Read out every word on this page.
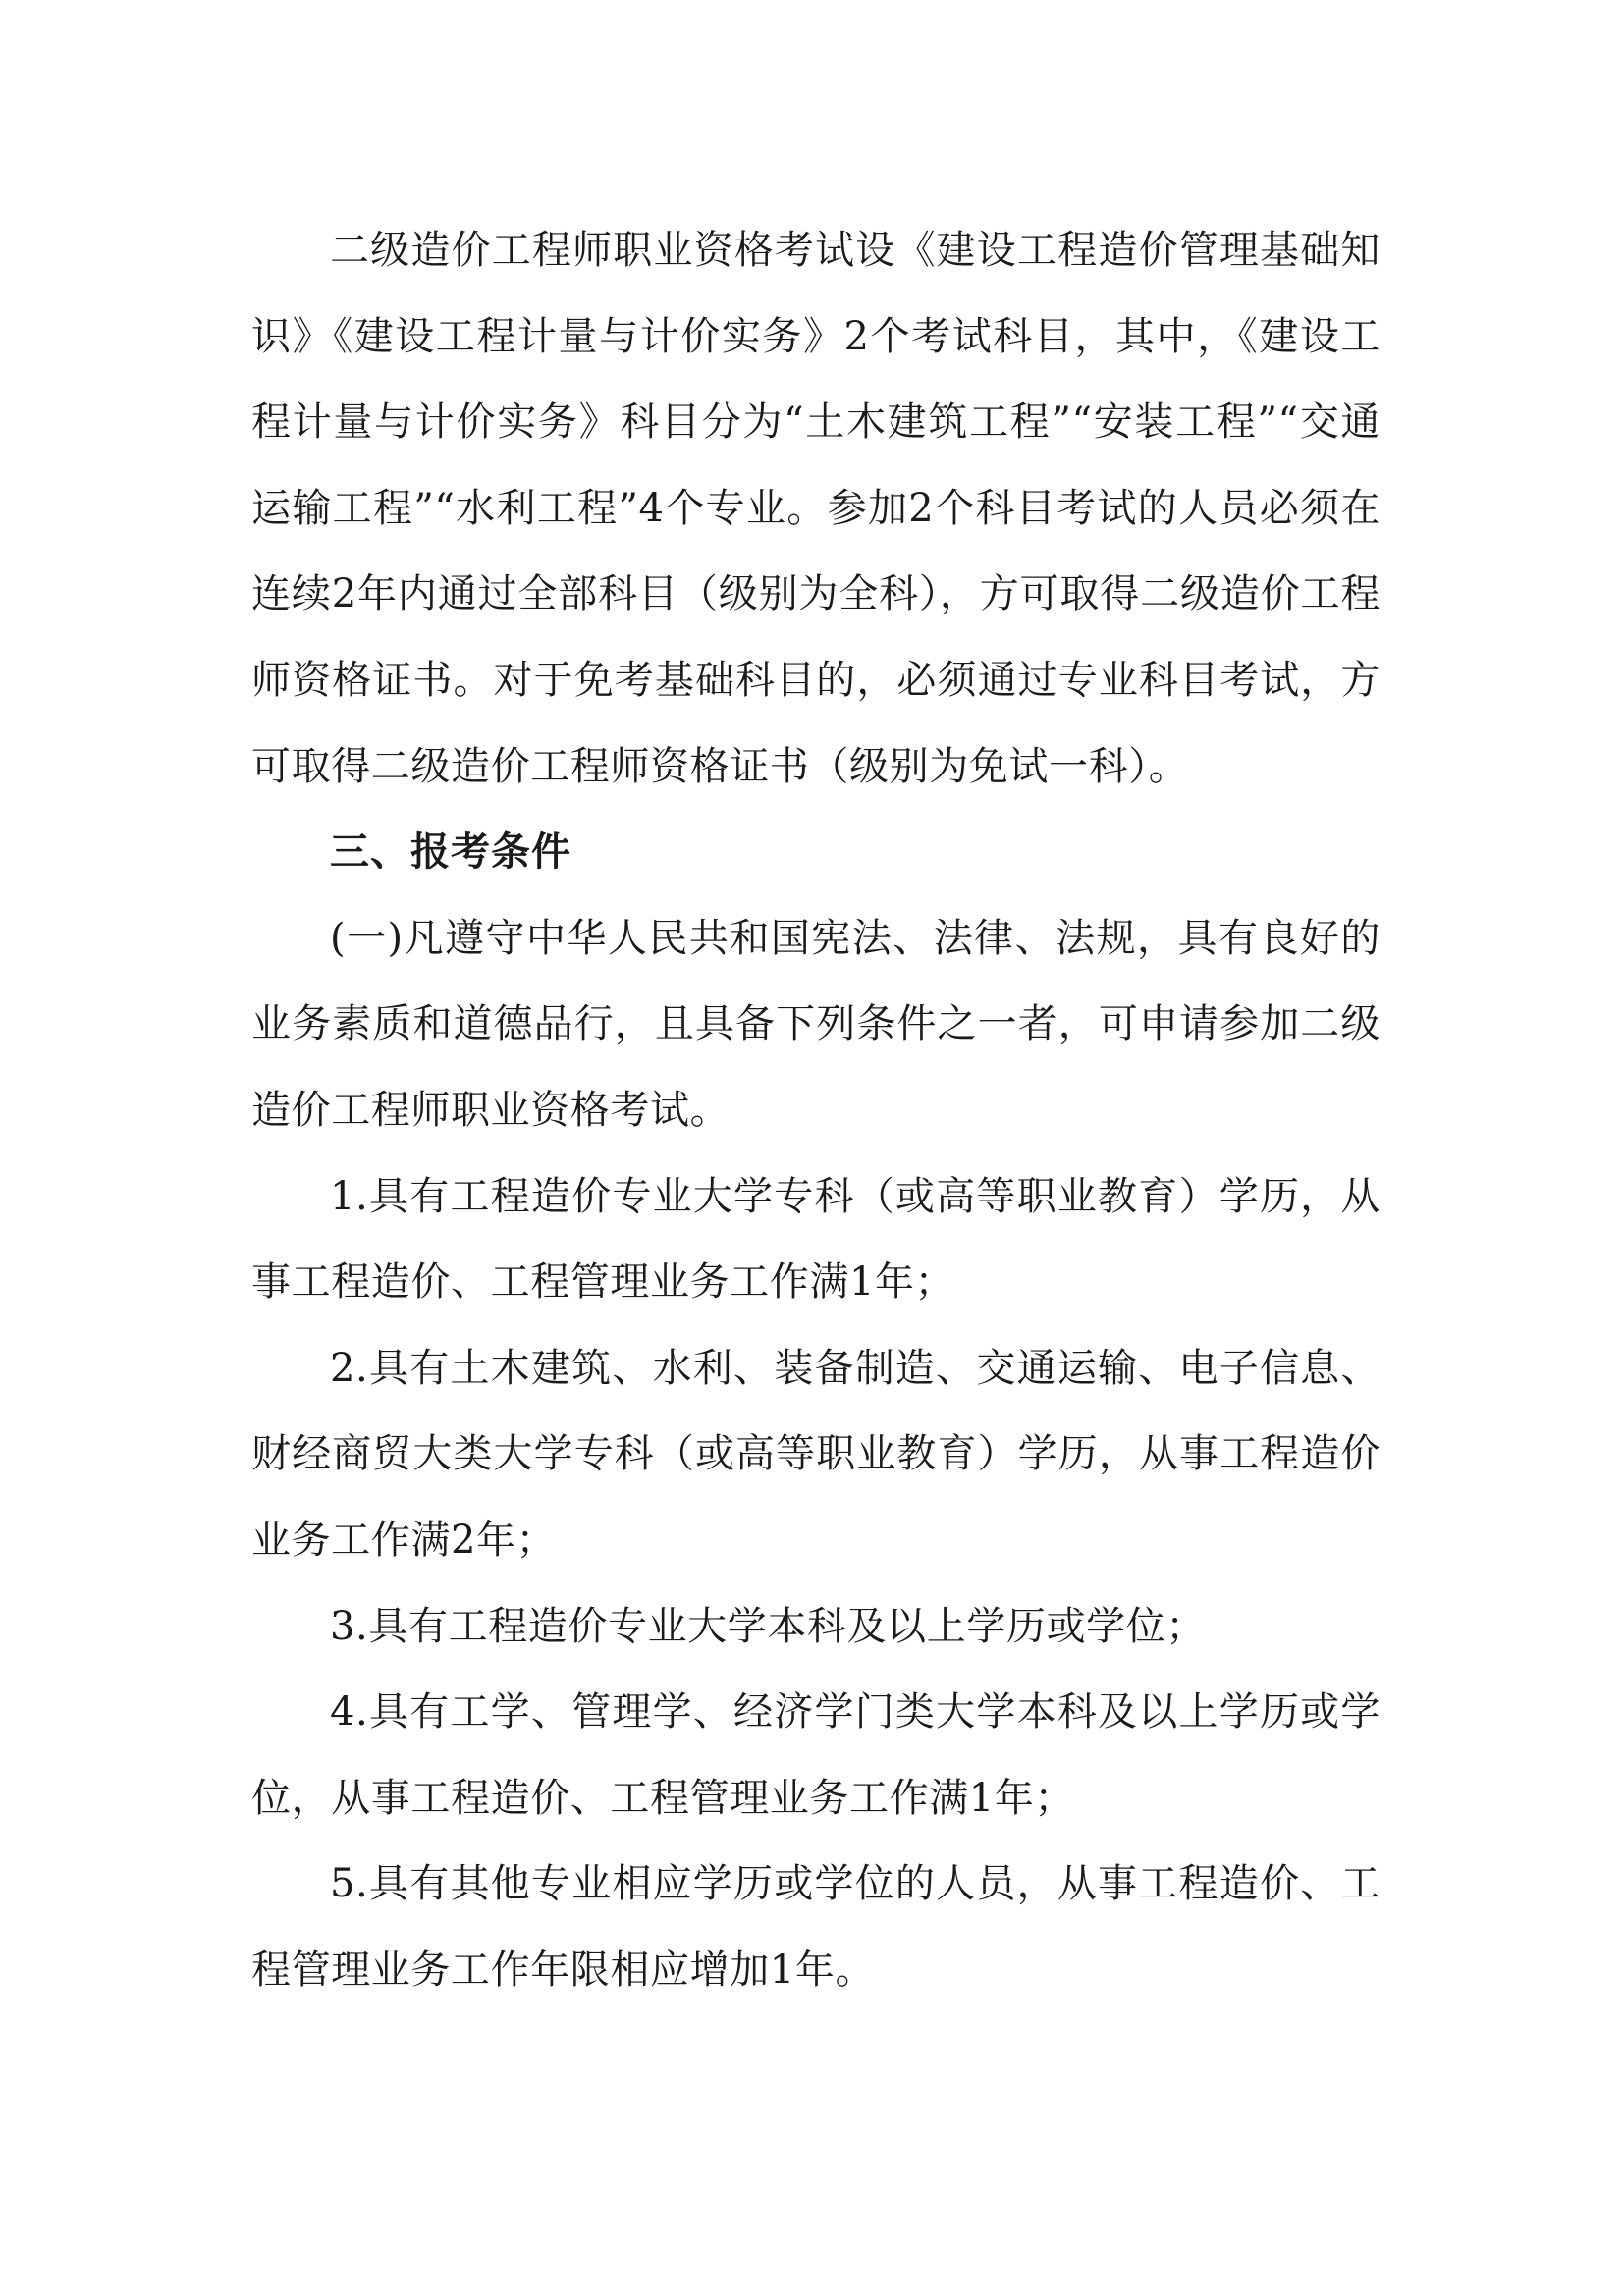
二级造价工程师职业资格考试设《建设工程造价管理基础知识》《建设工程计量与计价实务》2个考试科目，其中，《建设工程计量与计价实务》科目分为“土木建筑工程”“安装工程”“交通运输工程”“水利工程”4个专业。参加2个科目考试的人员必须在连续2年内通过全部科目（级别为全科），方可取得二级造价工程师资格证书。对于免考基础科目的，必须通过专业科目考试，方可取得二级造价工程师资格证书（级别为免试一科）。

三、报考条件

(一)凡遵守中华人民共和国宪法、法律、法规，具有良好的业务素质和道德品行，且具备下列条件之一者，可申请参加二级造价工程师职业资格考试。

1.具有工程造价专业大学专科（或高等职业教育）学历，从事工程造价、工程管理业务工作满1年；

2.具有土木建筑、水利、装备制造、交通运输、电子信息、财经商贸大类大学专科（或高等职业教育）学历，从事工程造价业务工作满2年；

3.具有工程造价专业大学本科及以上学历或学位；

4.具有工学、管理学、经济学门类大学本科及以上学历或学位，从事工程造价、工程管理业务工作满1年；

5.具有其他专业相应学历或学位的人员，从事工程造价、工程管理业务工作年限相应增加1年。
